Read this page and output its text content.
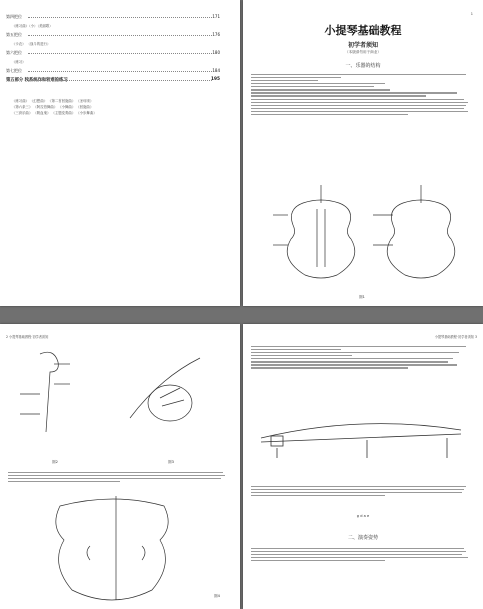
第四把位	171
《练习曲》（小）（美丽歌）
第五把位	176
《卡农》 （战斗的进行）
第六把位	180
《练习》
第七把位	184
第五部分 较系统作和较难的练习	195
《练习曲》 《幻想曲》 《第二首回旋曲》 《圣母颂》
《第六条三》 《阿拉伯舞曲》 《小舞曲》 《回旋曲》
《三套乐曲》 《吸血鬼》 《主题变奏曲》 《小步舞曲》
1
小提琴基础教程
初学者须知
（本版请勿用于商业）
一、乐器的结构
图1
2 小提琴基础教程·初学者须知
图2	图3
图4
小提琴基础教程·初学者须知 3
g d a e
二、演奏姿势
